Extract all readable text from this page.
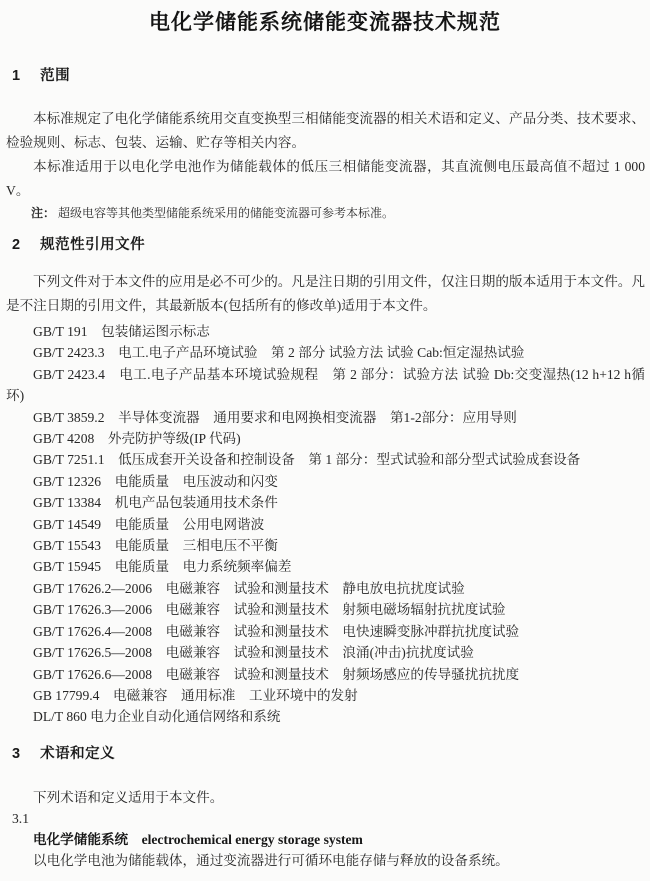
电化学储能系统储能变流器技术规范
1 范围

本标准规定了电化学储能系统用交直变换型三相储能变流器的相关术语和定义、产品分类、技术要求、检验规则、标志、包装、运输、贮存等相关内容。

本标准适用于以电化学电池作为储能载体的低压三相储能变流器，其直流侧电压最高值不超过 1 000 V。

注： 超级电容等其他类型储能系统采用的储能变流器可参考本标准。

2 规范性引用文件

下列文件对于本文件的应用是必不可少的。凡是注日期的引用文件，仅注日期的版本适用于本文件。凡是不注日期的引用文件，其最新版本(包括所有的修改单)适用于本文件。

GB/T 191　包装储运图示标志

GB/T 2423.3　电工.电子产品环境试验　第 2 部分 试验方法 试验 Cab:恒定湿热试验

GB/T 2423.4　电工.电子产品基本环境试验规程　第 2 部分：试验方法 试验 Db:交变湿热(12 h+12 h循环)

GB/T 3859.2　半导体变流器　通用要求和电网换相变流器　第1-2部分：应用导则

GB/T 4208　外壳防护等级(IP 代码)

GB/T 7251.1　低压成套开关设备和控制设备　第 1 部分：型式试验和部分型式试验成套设备

GB/T 12326　电能质量　电压波动和闪变

GB/T 13384　机电产品包装通用技术条件

GB/T 14549　电能质量　公用电网谐波

GB/T 15543　电能质量　三相电压不平衡

GB/T 15945　电能质量　电力系统频率偏差

GB/T 17626.2—2006　电磁兼容　试验和测量技术　静电放电抗扰度试验

GB/T 17626.3—2006　电磁兼容　试验和测量技术　射频电磁场辐射抗扰度试验

GB/T 17626.4—2008　电磁兼容　试验和测量技术　电快速瞬变脉冲群抗扰度试验

GB/T 17626.5—2008　电磁兼容　试验和测量技术　浪涌(冲击)抗扰度试验

GB/T 17626.6—2008　电磁兼容　试验和测量技术　射频场感应的传导骚扰抗扰度

GB 17799.4　电磁兼容　通用标准　工业环境中的发射

DL/T 860 电力企业自动化通信网络和系统

3 术语和定义

下列术语和定义适用于本文件。

3.1

电化学储能系统 electrochemical energy storage system

以电化学电池为储能载体，通过变流器进行可循环电能存储与释放的设备系统。
